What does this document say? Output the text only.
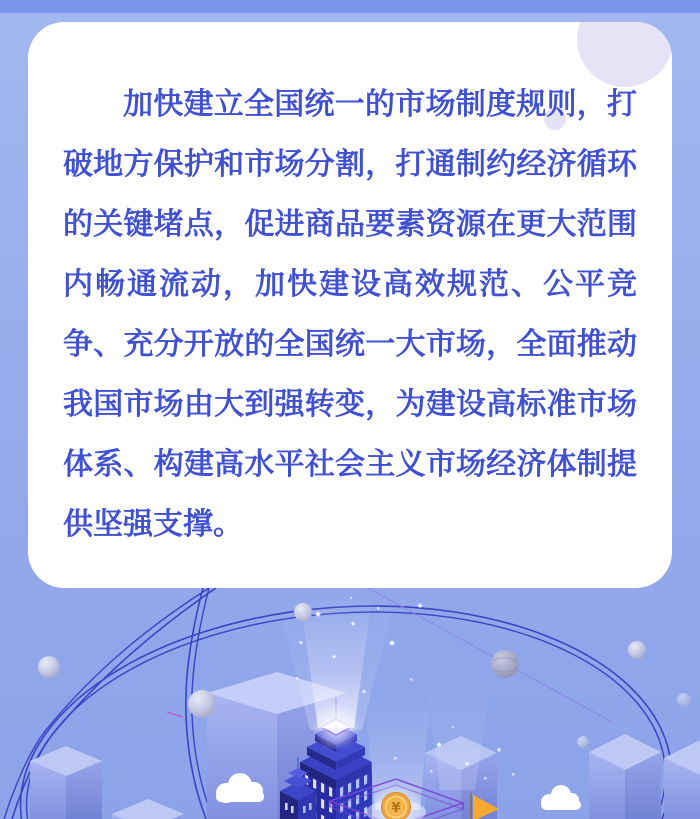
加快建立全国统一的市场制度规则，打
破地方保护和市场分割，打通制约经济循环
的关键堵点，促进商品要素资源在更大范围
内畅通流动，加快建设高效规范、公平竞
争、充分开放的全国统一大市场，全面推动
我国市场由大到强转变，为建设高标准市场
体系、构建高水平社会主义市场经济体制提
供坚强支撑。
¥
